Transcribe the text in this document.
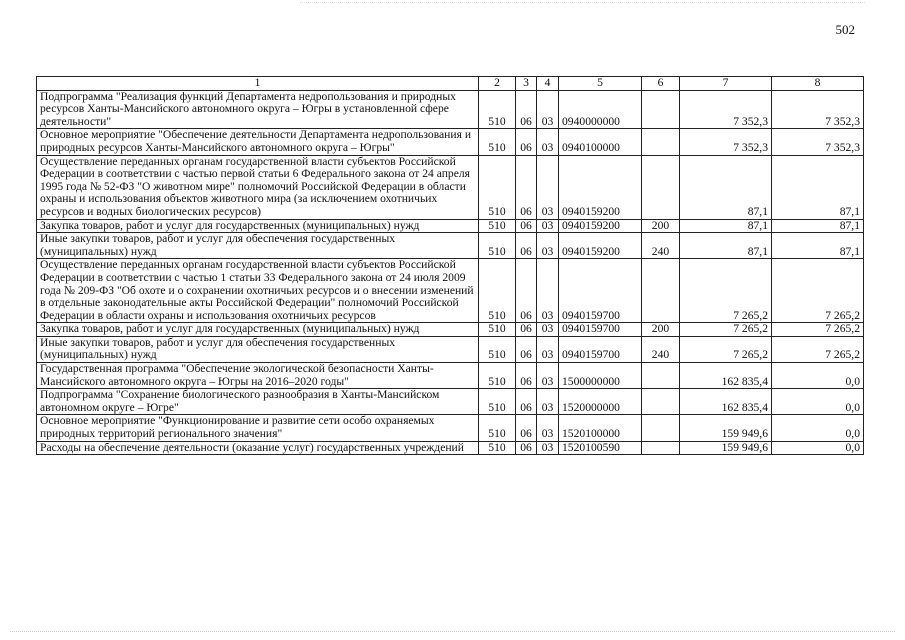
502
1	2	3	4	5	6	7	8
Подпрограмма "Реализация функций Департамента недропользования и природных ресурсов Ханты-Мансийского автономного округа – Югры в установленной сфере деятельности"	510	06	03	0940000000		7 352,3	7 352,3
Основное мероприятие "Обеспечение деятельности Департамента недропользования и природных ресурсов Ханты-Мансийского автономного округа – Югры"	510	06	03	0940100000		7 352,3	7 352,3
Осуществление переданных органам государственной власти субъектов Российской Федерации в соответствии с частью первой статьи 6 Федерального закона от 24 апреля 1995 года № 52-ФЗ "О животном мире" полномочий Российской Федерации в области охраны и использования объектов животного мира (за исключением охотничьих ресурсов и водных биологических ресурсов)	510	06	03	0940159200		87,1	87,1
Закупка товаров, работ и услуг для государственных (муниципальных) нужд	510	06	03	0940159200	200	87,1	87,1
Иные закупки товаров, работ и услуг для обеспечения государственных (муниципальных) нужд	510	06	03	0940159200	240	87,1	87,1
Осуществление переданных органам государственной власти субъектов Российской Федерации в соответствии с частью 1 статьи 33 Федерального закона от 24 июля 2009 года № 209-ФЗ "Об охоте и о сохранении охотничьих ресурсов и о внесении изменений в отдельные законодательные акты Российской Федерации" полномочий Российской Федерации в области охраны и использования охотничьих ресурсов	510	06	03	0940159700		7 265,2	7 265,2
Закупка товаров, работ и услуг для государственных (муниципальных) нужд	510	06	03	0940159700	200	7 265,2	7 265,2
Иные закупки товаров, работ и услуг для обеспечения государственных (муниципальных) нужд	510	06	03	0940159700	240	7 265,2	7 265,2
Государственная программа "Обеспечение экологической безопасности Ханты-Мансийского автономного округа – Югры на 2016–2020 годы"	510	06	03	1500000000		162 835,4	0,0
Подпрограмма "Сохранение биологического разнообразия в Ханты-Мансийском автономном округе – Югре"	510	06	03	1520000000		162 835,4	0,0
Основное мероприятие "Функционирование и развитие сети особо охраняемых природных территорий регионального значения"	510	06	03	1520100000		159 949,6	0,0
Расходы на обеспечение деятельности (оказание услуг) государственных учреждений	510	06	03	1520100590		159 949,6	0,0
